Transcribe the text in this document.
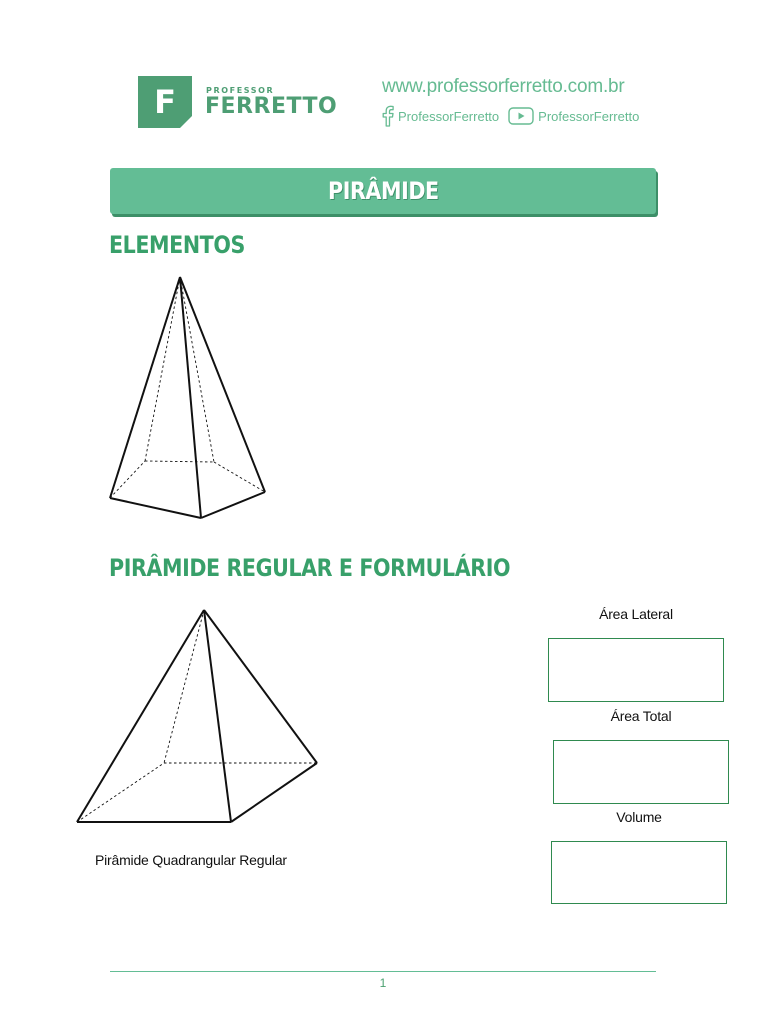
F	PROFESSOR
FERRETTO
www.professorferretto.com.br
ProfessorFerretto	ProfessorFerretto
PIRÂMIDE
ELEMENTOS
PIRÂMIDE REGULAR E FORMULÁRIO
Pirâmide Quadrangular Regular
Área Lateral
Área Total
Volume
1
